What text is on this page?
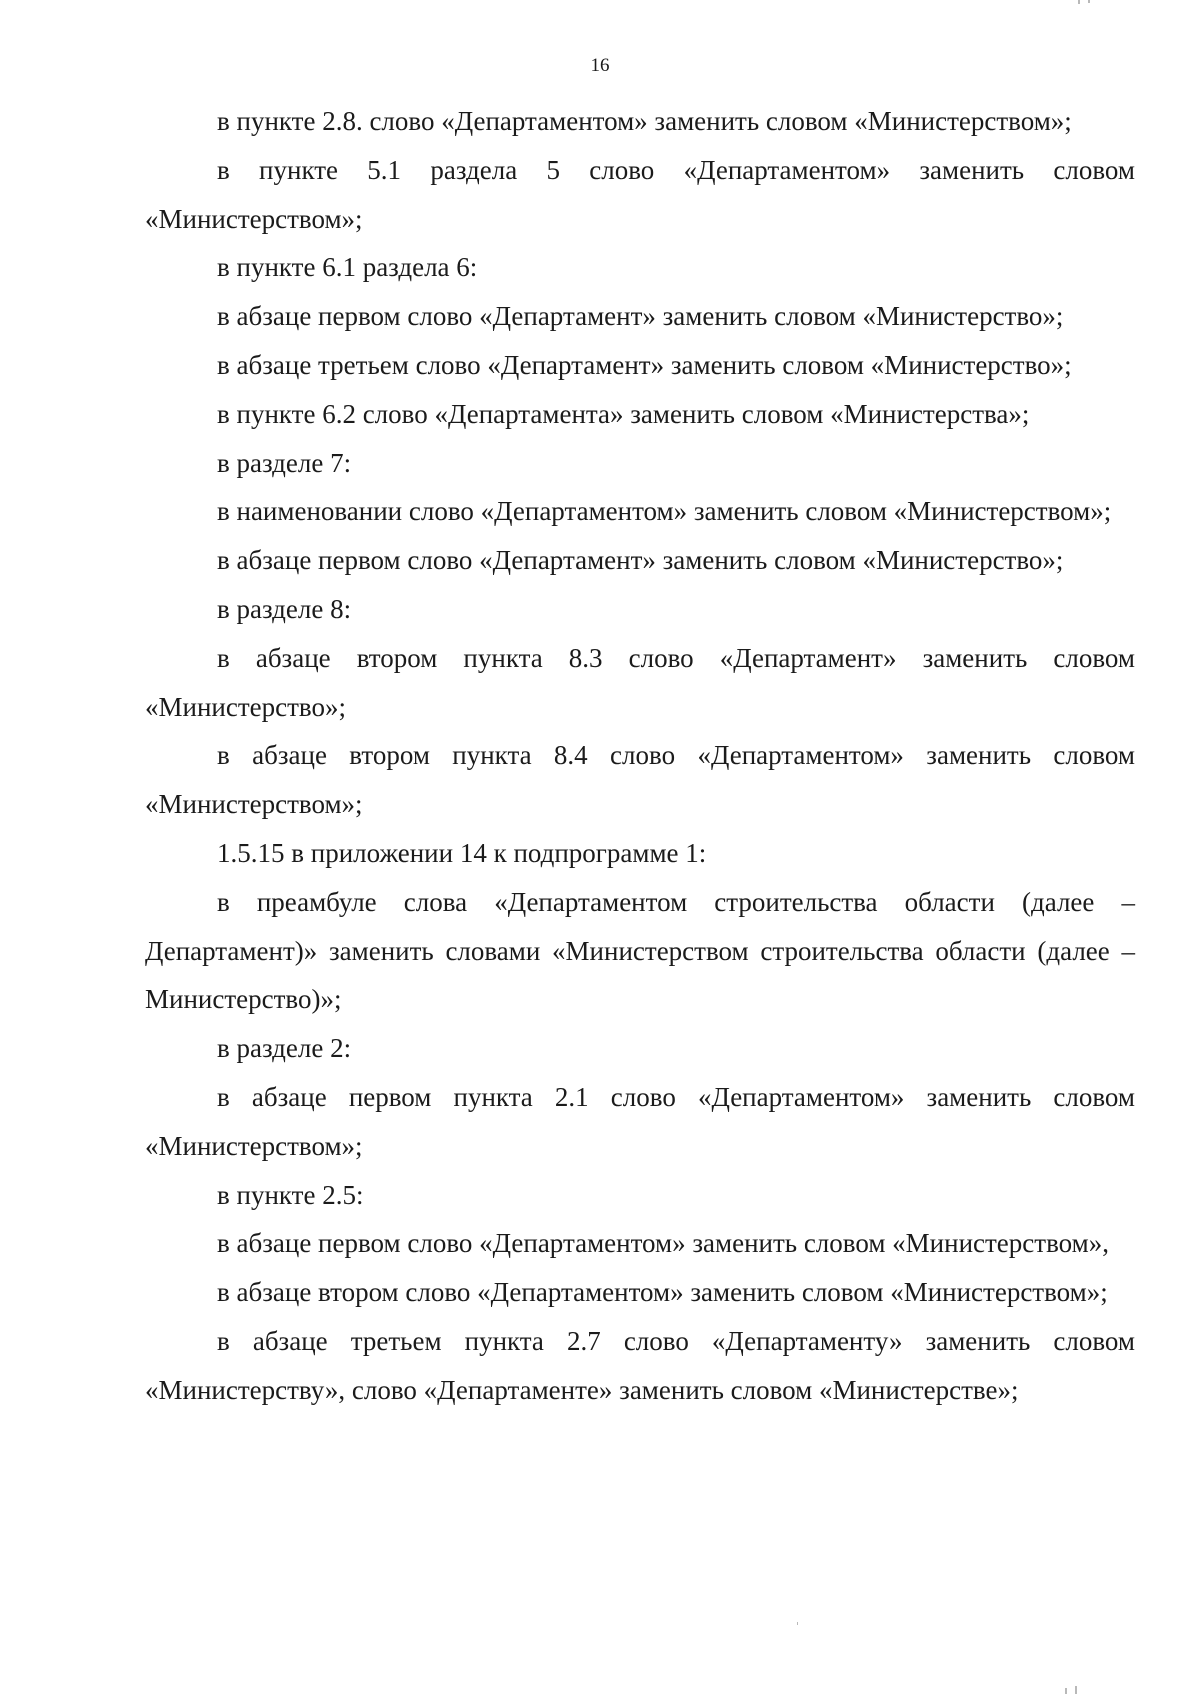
16

в пункте 2.8. слово «Департаментом» заменить словом «Министерством»;

в пункте 5.1 раздела 5 слово «Департаментом» заменить словом «Министерством»;

в пункте 6.1 раздела 6:

в абзаце первом слово «Департамент» заменить словом «Министерство»;

в абзаце третьем слово «Департамент» заменить словом «Министерство»;

в пункте 6.2 слово «Департамента» заменить словом «Министерства»;

в разделе 7:

в наименовании слово «Департаментом» заменить словом «Министерством»;

в абзаце первом слово «Департамент» заменить словом «Министерство»;

в разделе 8:

в абзаце втором пункта 8.3 слово «Департамент» заменить словом «Министерство»;

в абзаце втором пункта 8.4 слово «Департаментом» заменить словом «Министерством»;

1.5.15 в приложении 14 к подпрограмме 1:

в преамбуле слова «Департаментом строительства области (далее – Департамент)» заменить словами «Министерством строительства области (далее – Министерство)»;

в разделе 2:

в абзаце первом пункта 2.1 слово «Департаментом» заменить словом «Министерством»;

в пункте 2.5:

в абзаце первом слово «Департаментом» заменить словом «Министерством»,

в абзаце втором слово «Департаментом» заменить словом «Министерством»;

в абзаце третьем пункта 2.7 слово «Департаменту» заменить словом «Министерству», слово «Департаменте» заменить словом «Министерстве»;
